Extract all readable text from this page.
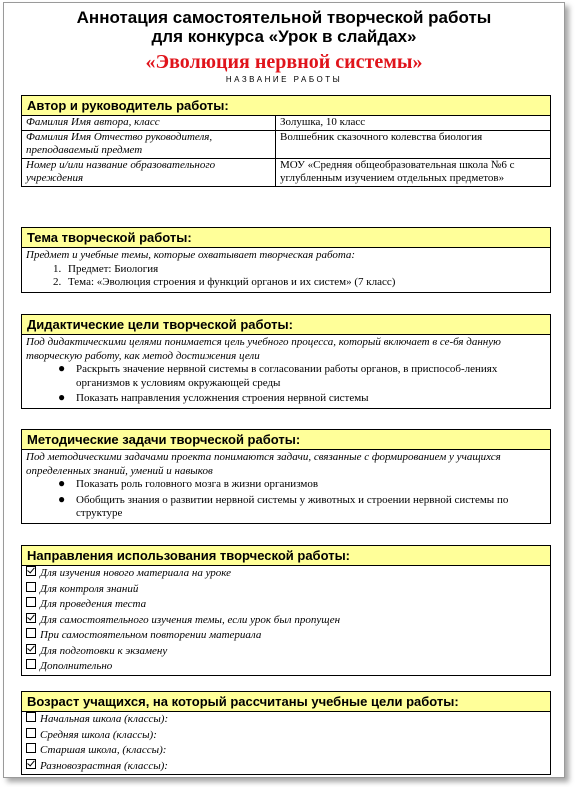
Аннотация самостоятельной творческой работы
для конкурса «Урок в слайдах»
«Эволюция нервной системы»
НАЗВАНИЕ РАБОТЫ
Автор и руководитель работы:
Фамилия Имя автора, класс	Золушка, 10 класс
Фамилия Имя Отчество руководителя, преподаваемый предмет	Волшебник сказочного колевства биология
Номер и/или название образовательного учреждения	МОУ «Средняя общеобразовательная школа №6 с углубленным изучением отдельных предметов»
Тема творческой работы:
Предмет и учебные темы, которые охватывает творческая работа:
1. Предмет: Биология
2. Тема: «Эволюция строения и функций органов и их систем» (7 класс)
Дидактические цели творческой работы:
Под дидактическими целями понимается цель учебного процесса, который включает в се-бя данную творческую работу, как метод достижения цели
● Раскрыть значение нервной системы в согласовании работы органов, в приспособ-лениях организмов к условиям окружающей среды
● Показать направления усложнения строения нервной системы
Методические задачи творческой работы:
Под методическими задачами проекта понимаются задачи, связанные с формированием у учащихся определенных знаний, умений и навыков
● Показать роль головного мозга в жизни организмов
● Обобщить знания о развитии нервной системы у животных и строении нервной системы по структуре
Направления использования творческой работы:
Для изучения нового материала на уроке
Для контроля знаний
Для проведения теста
Для самостоятельного изучения темы, если урок был пропущен
При самостоятельном повторении материала
Для подготовки к экзамену
Дополнительно
Возраст учащихся, на который рассчитаны учебные цели работы:
Начальная школа (классы):
Средняя школа (классы):
Старшая школа, (классы):
Разновозрастная (классы):
